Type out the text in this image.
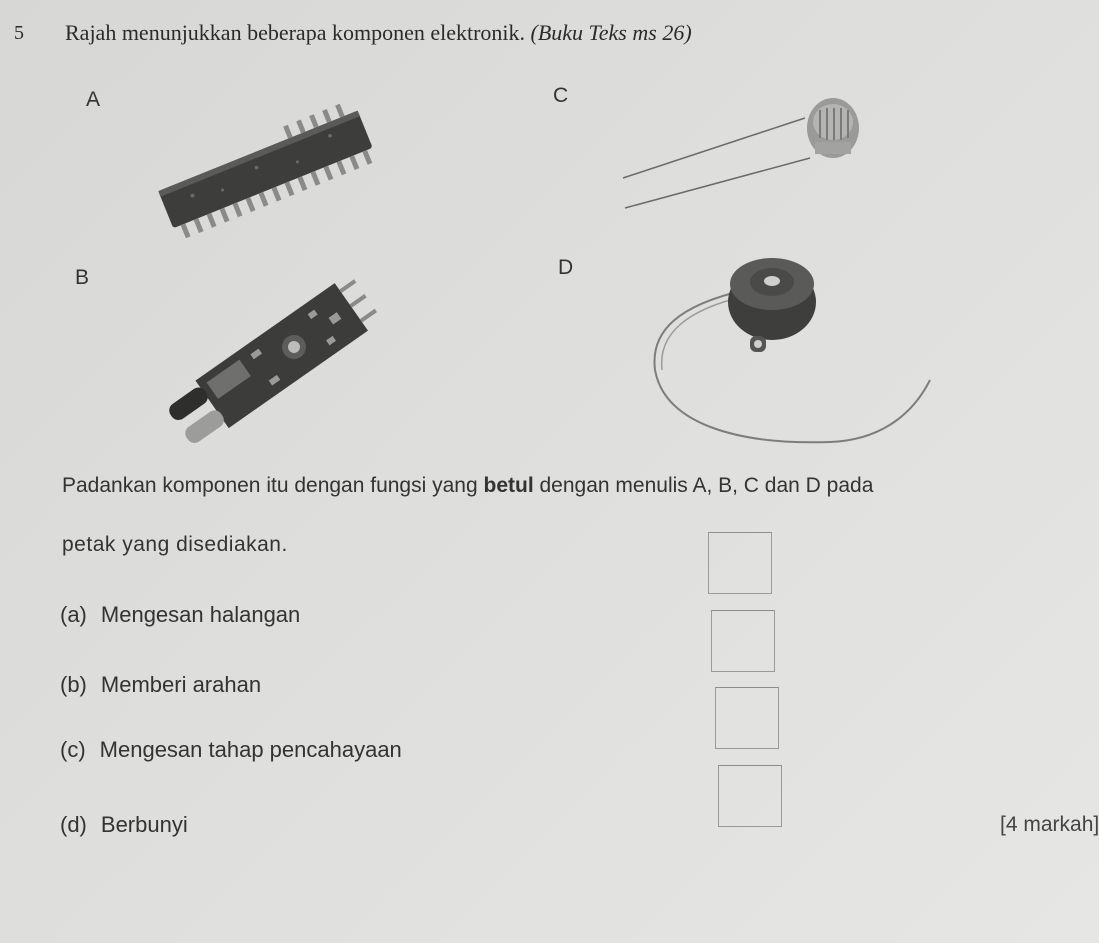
5 Rajah menunjukkan beberapa komponen elektronik. (Buku Teks ms 26)
A
B
C
D
Padankan komponen itu dengan fungsi yang betul dengan menulis A, B, C dan D pada
petak yang disediakan.
(a) Mengesan halangan
(b) Memberi arahan
(c) Mengesan tahap pencahayaan
(d) Berbunyi	[4 markah]
